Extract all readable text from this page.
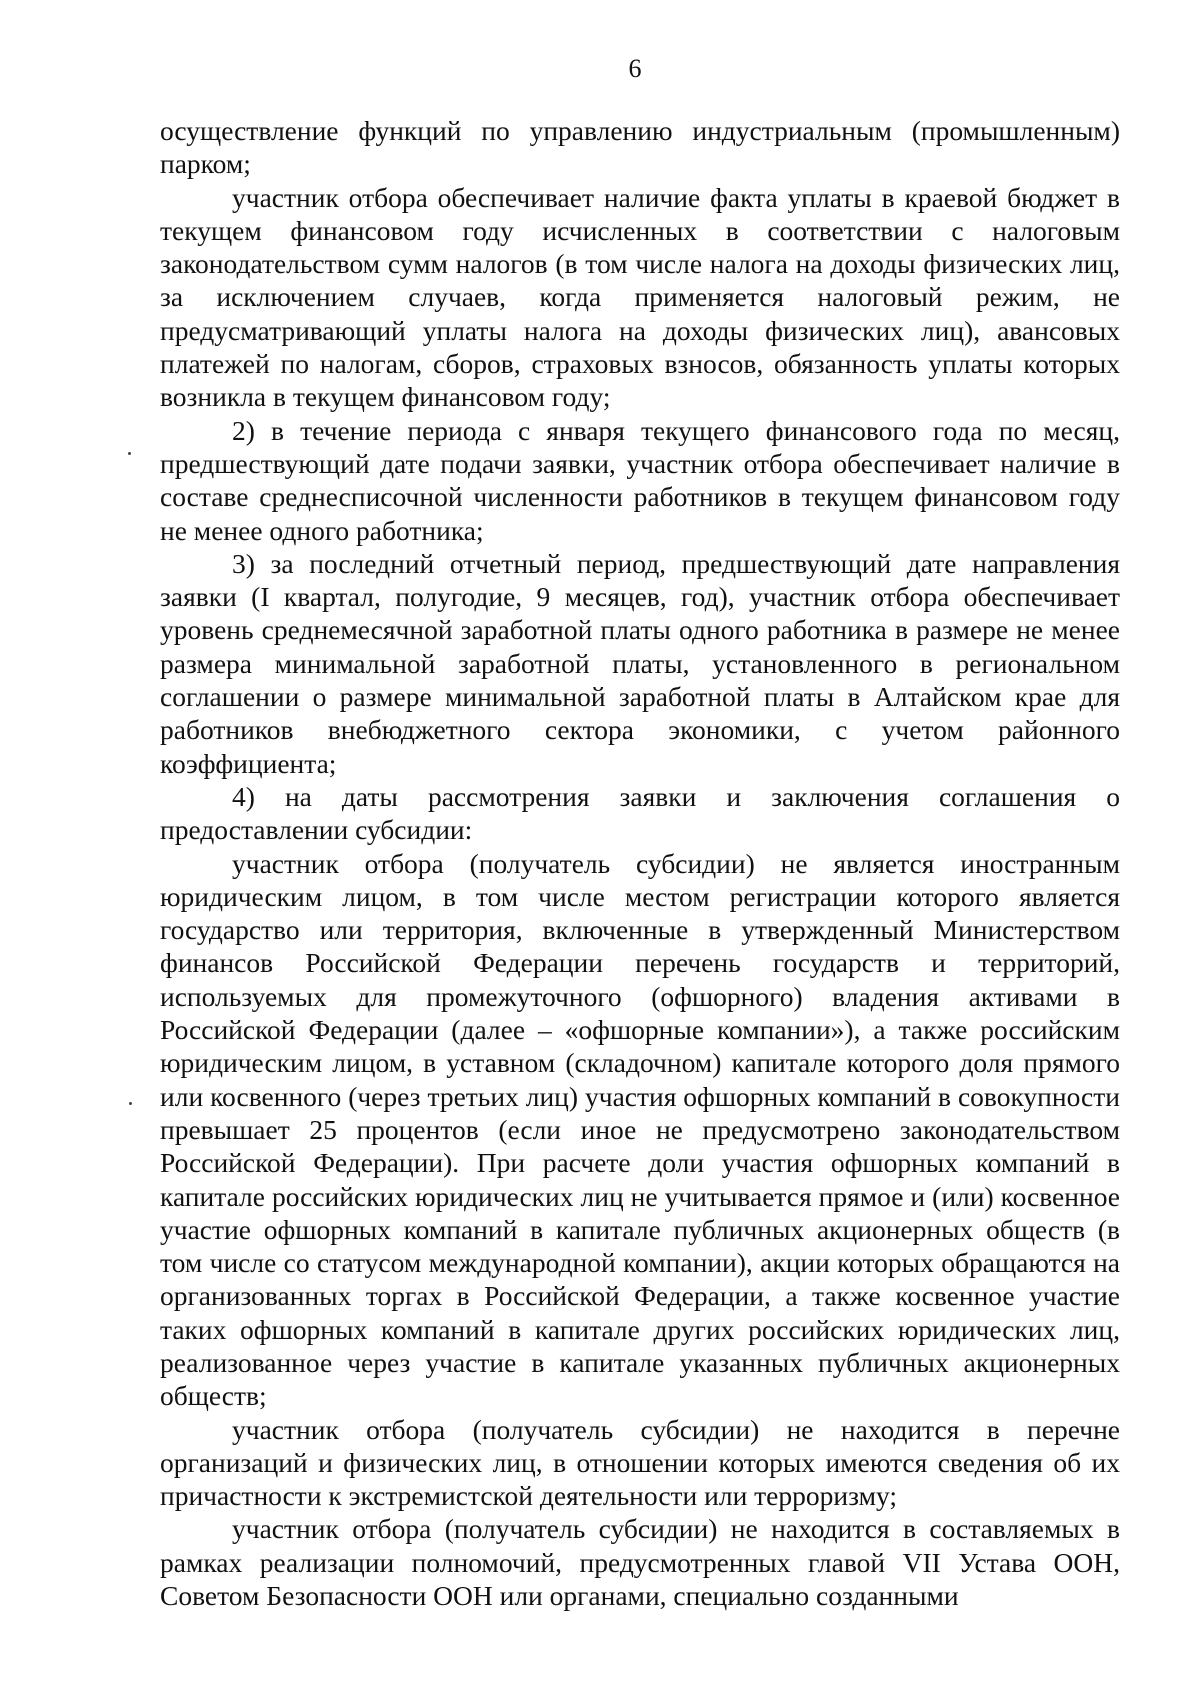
6

осуществление функций по управлению индустриальным (промышленным) парком;

участник отбора обеспечивает наличие факта уплаты в краевой бюджет в текущем финансовом году исчисленных в соответствии с налоговым законодательством сумм налогов (в том числе налога на доходы физических лиц, за исключением случаев, когда применяется налоговый режим, не предусматривающий уплаты налога на доходы физических лиц), авансовых платежей по налогам, сборов, страховых взносов, обязанность уплаты которых возникла в текущем финансовом году;

2) в течение периода с января текущего финансового года по месяц, предшествующий дате подачи заявки, участник отбора обеспечивает наличие в составе среднесписочной численности работников в текущем финансовом году не менее одного работника;

3) за последний отчетный период, предшествующий дате направления заявки (I квартал, полугодие, 9 месяцев, год), участник отбора обеспечивает уровень среднемесячной заработной платы одного работника в размере не менее размера минимальной заработной платы, установленного в региональном соглашении о размере минимальной заработной платы в Алтайском крае для работников внебюджетного сектора экономики, с учетом районного коэффициента;

4) на даты рассмотрения заявки и заключения соглашения о предоставлении субсидии:

участник отбора (получатель субсидии) не является иностранным юридическим лицом, в том числе местом регистрации которого является государство или территория, включенные в утвержденный Министерством финансов Российской Федерации перечень государств и территорий, используемых для промежуточного (офшорного) владения активами в Российской Федерации (далее – «офшорные компании»), а также российским юридическим лицом, в уставном (складочном) капитале которого доля прямого или косвенного (через третьих лиц) участия офшорных компаний в совокупности превышает 25 процентов (если иное не предусмотрено законодательством Российской Федерации). При расчете доли участия офшорных компаний в капитале российских юридических лиц не учитывается прямое и (или) косвенное участие офшорных компаний в капитале публичных акционерных обществ (в том числе со статусом международной компании), акции которых обращаются на организованных торгах в Российской Федерации, а также косвенное участие таких офшорных компаний в капитале других российских юридических лиц, реализованное через участие в капитале указанных публичных акционерных обществ;

участник отбора (получатель субсидии) не находится в перечне организаций и физических лиц, в отношении которых имеются сведения об их причастности к экстремистской деятельности или терроризму;

участник отбора (получатель субсидии) не находится в составляемых в рамках реализации полномочий, предусмотренных главой VII Устава ООН, Советом Безопасности ООН или органами, специально созданными
